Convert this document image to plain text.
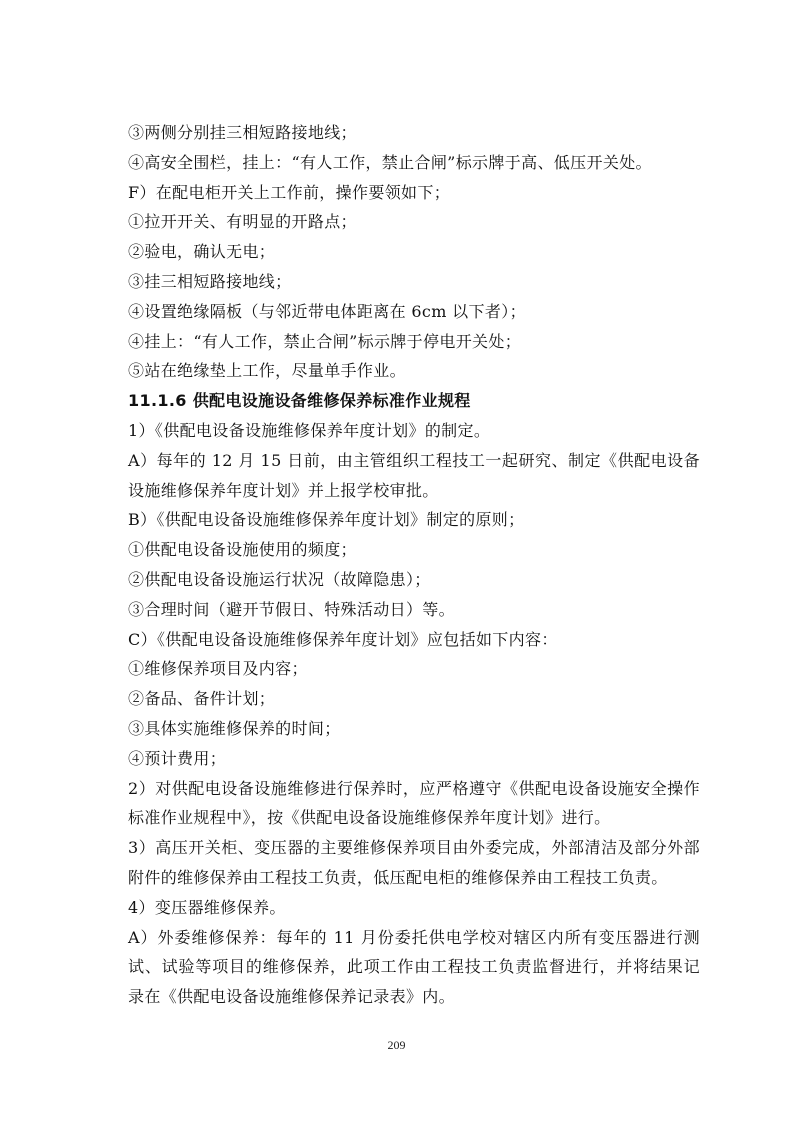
③两侧分别挂三相短路接地线；
④高安全围栏，挂上：“有人工作，禁止合闸”标示牌于高、低压开关处。
F）在配电柜开关上工作前，操作要领如下；
①拉开开关、有明显的开路点；
②验电，确认无电；
③挂三相短路接地线；
④设置绝缘隔板（与邻近带电体距离在 6cm 以下者）；
④挂上：“有人工作，禁止合闸”标示牌于停电开关处；
⑤站在绝缘垫上工作，尽量单手作业。
11.1.6 供配电设施设备维修保养标准作业规程
1）《供配电设备设施维修保养年度计划》的制定。
A）每年的 12 月 15 日前，由主管组织工程技工一起研究、制定《供配电设备设施维修保养年度计划》并上报学校审批。
B）《供配电设备设施维修保养年度计划》制定的原则；
①供配电设备设施使用的频度；
②供配电设备设施运行状况（故障隐患）；
③合理时间（避开节假日、特殊活动日）等。
C）《供配电设备设施维修保养年度计划》应包括如下内容：
①维修保养项目及内容；
②备品、备件计划；
③具体实施维修保养的时间；
④预计费用；
2）对供配电设备设施维修进行保养时，应严格遵守《供配电设备设施安全操作标准作业规程中》，按《供配电设备设施维修保养年度计划》进行。
3）高压开关柜、变压器的主要维修保养项目由外委完成，外部清洁及部分外部附件的维修保养由工程技工负责，低压配电柜的维修保养由工程技工负责。
4）变压器维修保养。
A）外委维修保养：每年的 11 月份委托供电学校对辖区内所有变压器进行测试、试验等项目的维修保养，此项工作由工程技工负责监督进行，并将结果记录在《供配电设备设施维修保养记录表》内。
209
